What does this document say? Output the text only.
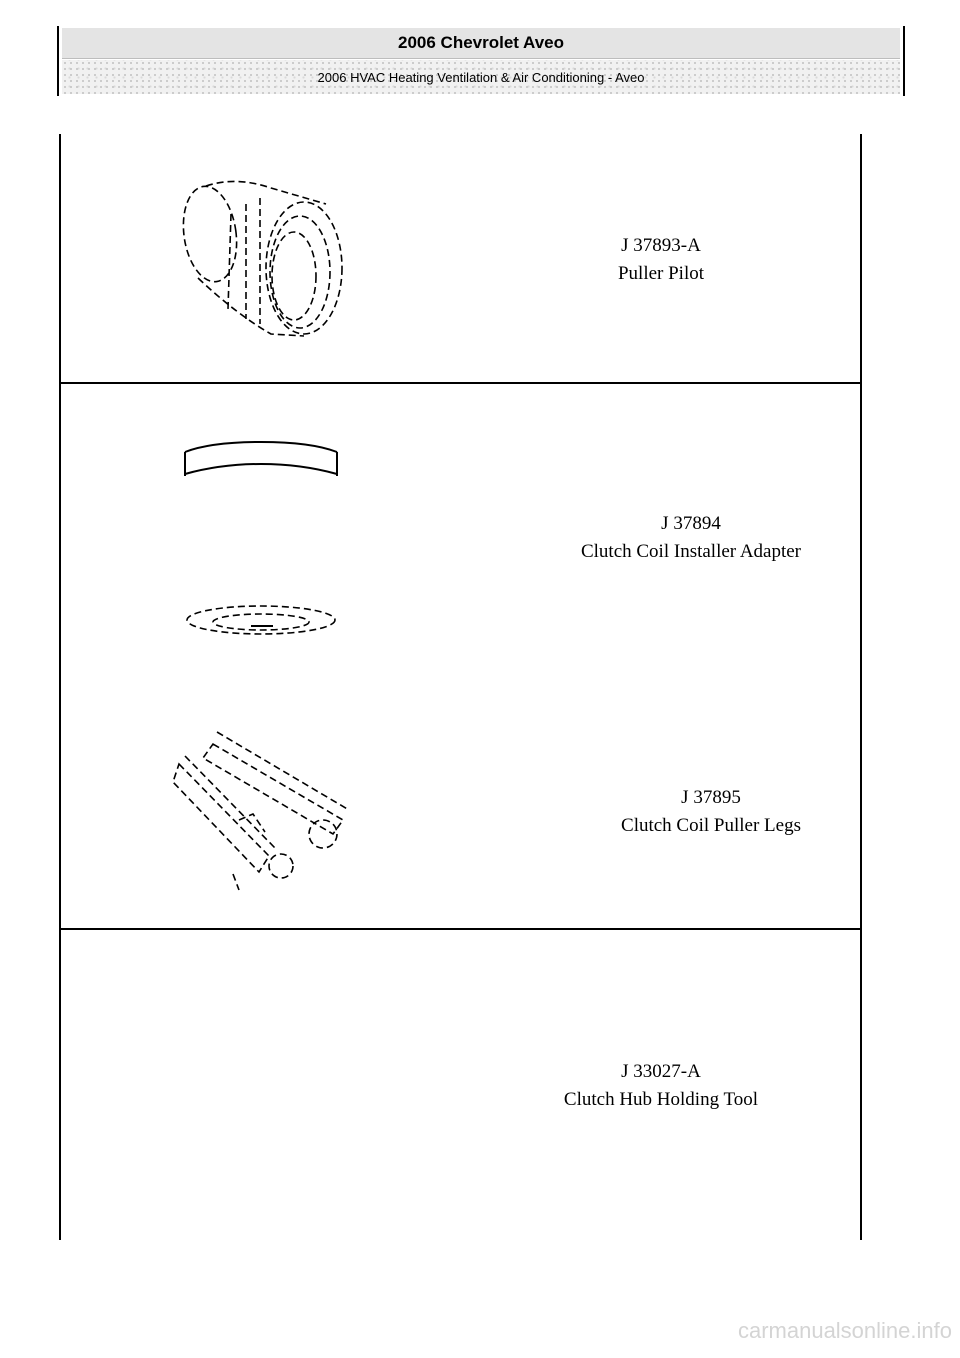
2006 Chevrolet Aveo
2006 HVAC Heating Ventilation & Air Conditioning - Aveo
J 37893-A
Puller Pilot
J 37894
Clutch Coil Installer Adapter
J 37895
Clutch Coil Puller Legs
J 33027-A
Clutch Hub Holding Tool
carmanualsonline.info
